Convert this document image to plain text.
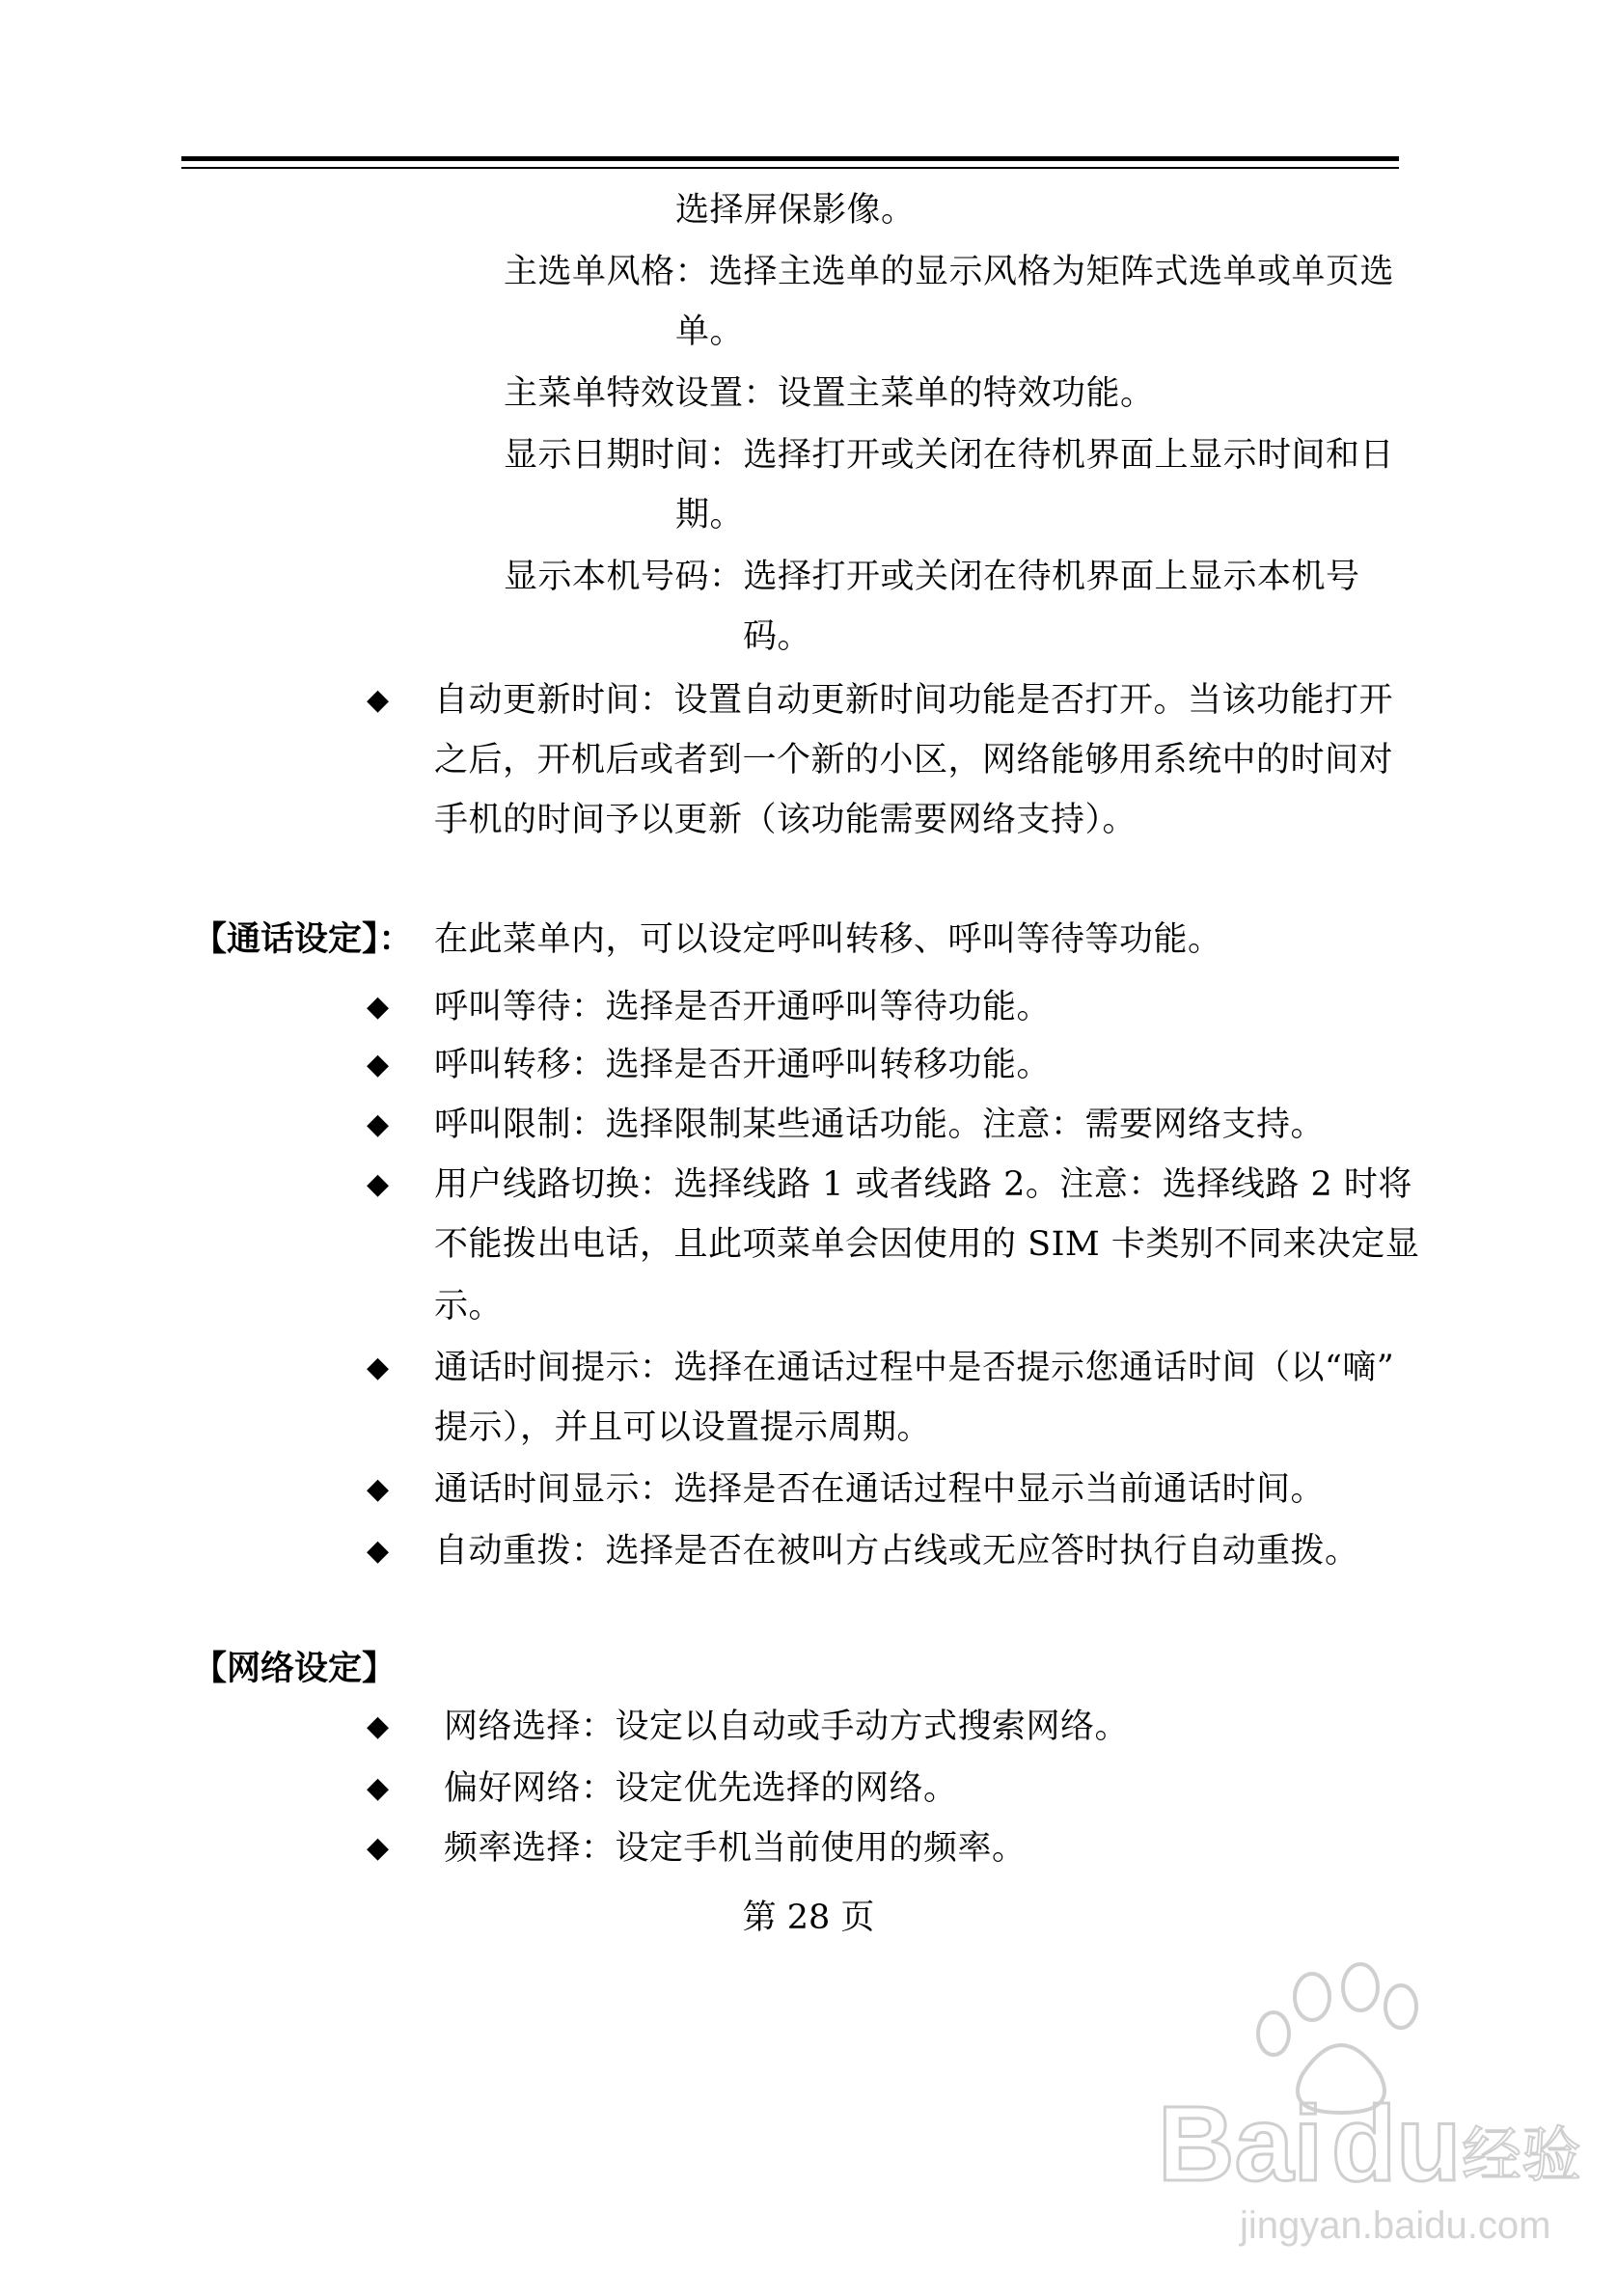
选择屏保影像。
主选单风格：选择主选单的显示风格为矩阵式选单或单页选
单。
主菜单特效设置：设置主菜单的特效功能。
显示日期时间：选择打开或关闭在待机界面上显示时间和日
期。
显示本机号码：选择打开或关闭在待机界面上显示本机号
码。
◆ 自动更新时间：设置自动更新时间功能是否打开。当该功能打开
之后，开机后或者到一个新的小区，网络能够用系统中的时间对
手机的时间予以更新（该功能需要网络支持）。
【通话设定】： 在此菜单内，可以设定呼叫转移、呼叫等待等功能。
◆ 呼叫等待：选择是否开通呼叫等待功能。
◆ 呼叫转移：选择是否开通呼叫转移功能。
◆ 呼叫限制：选择限制某些通话功能。注意：需要网络支持。
◆ 用户线路切换：选择线路 1 或者线路 2。注意：选择线路 2 时将
不能拨出电话，且此项菜单会因使用的 SIM 卡类别不同来决定显
示。
◆ 通话时间提示：选择在通话过程中是否提示您通话时间（以“嘀”
提示），并且可以设置提示周期。
◆ 通话时间显示：选择是否在通话过程中显示当前通话时间。
◆ 自动重拨：选择是否在被叫方占线或无应答时执行自动重拨。
【网络设定】
◆ 网络选择：设定以自动或手动方式搜索网络。
◆ 偏好网络：设定优先选择的网络。
◆ 频率选择：设定手机当前使用的频率。
第 28 页
Bai du 经验
jingyan.baidu.com
